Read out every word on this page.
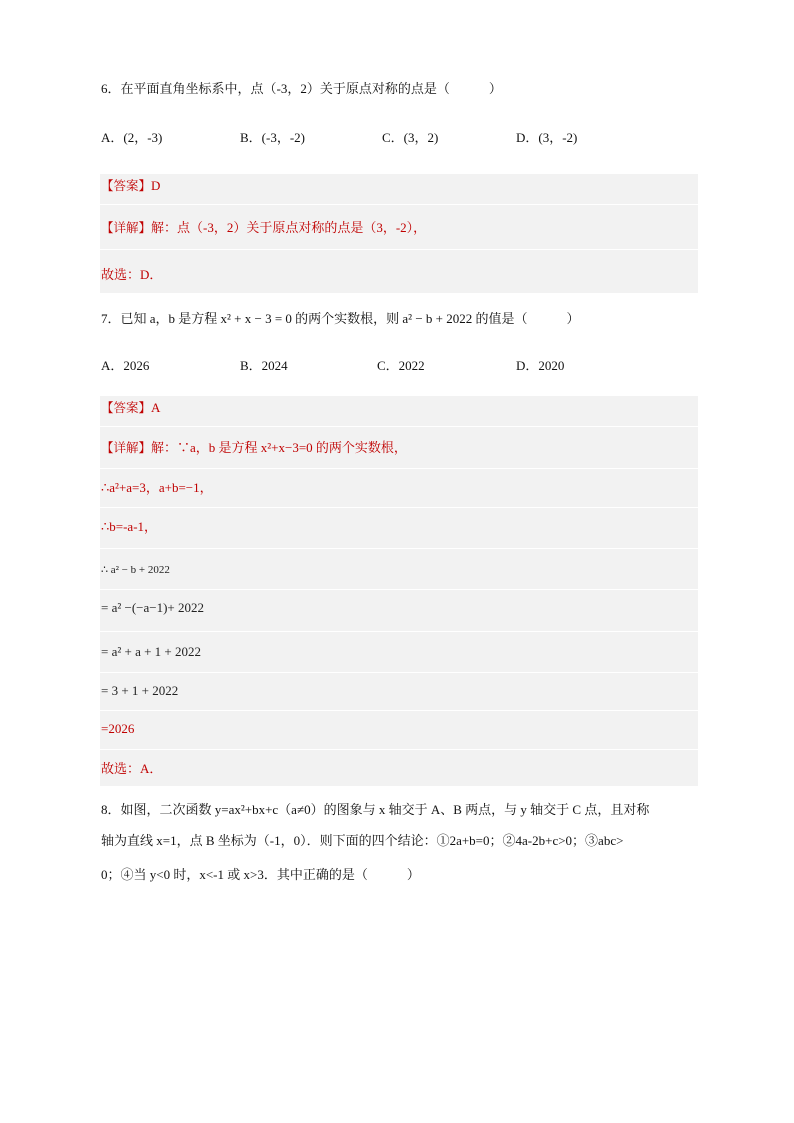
6．在平面直角坐标系中，点（-3，2）关于原点对称的点是（　　　）
A．(2，-3)	B．(-3，-2)	C．(3，2)	D．(3，-2)
【答案】D
【详解】解：点（-3，2）关于原点对称的点是（3，-2），
故选：D．
7．已知 a，b 是方程 x² + x − 3 = 0 的两个实数根，则 a² − b + 2022 的值是（　　　）
A．2026	B．2024	C．2022	D．2020
【答案】A
【详解】解：∵a，b 是方程 x²+x−3=0 的两个实数根，
∴a²+a=3，a+b=−1，
∴b=-a-1，
∴ a² − b + 2022
= a² −(−a−1)+ 2022
= a² + a + 1 + 2022
= 3 + 1 + 2022
=2026
故选：A．
8．如图，二次函数 y=ax²+bx+c（a≠0）的图象与 x 轴交于 A、B 两点，与 y 轴交于 C 点，且对称
轴为直线 x=1，点 B 坐标为（-1，0）．则下面的四个结论：①2a+b=0；②4a-2b+c>0；③abc>
0；④当 y<0 时，x<-1 或 x>3．其中正确的是（　　　）
